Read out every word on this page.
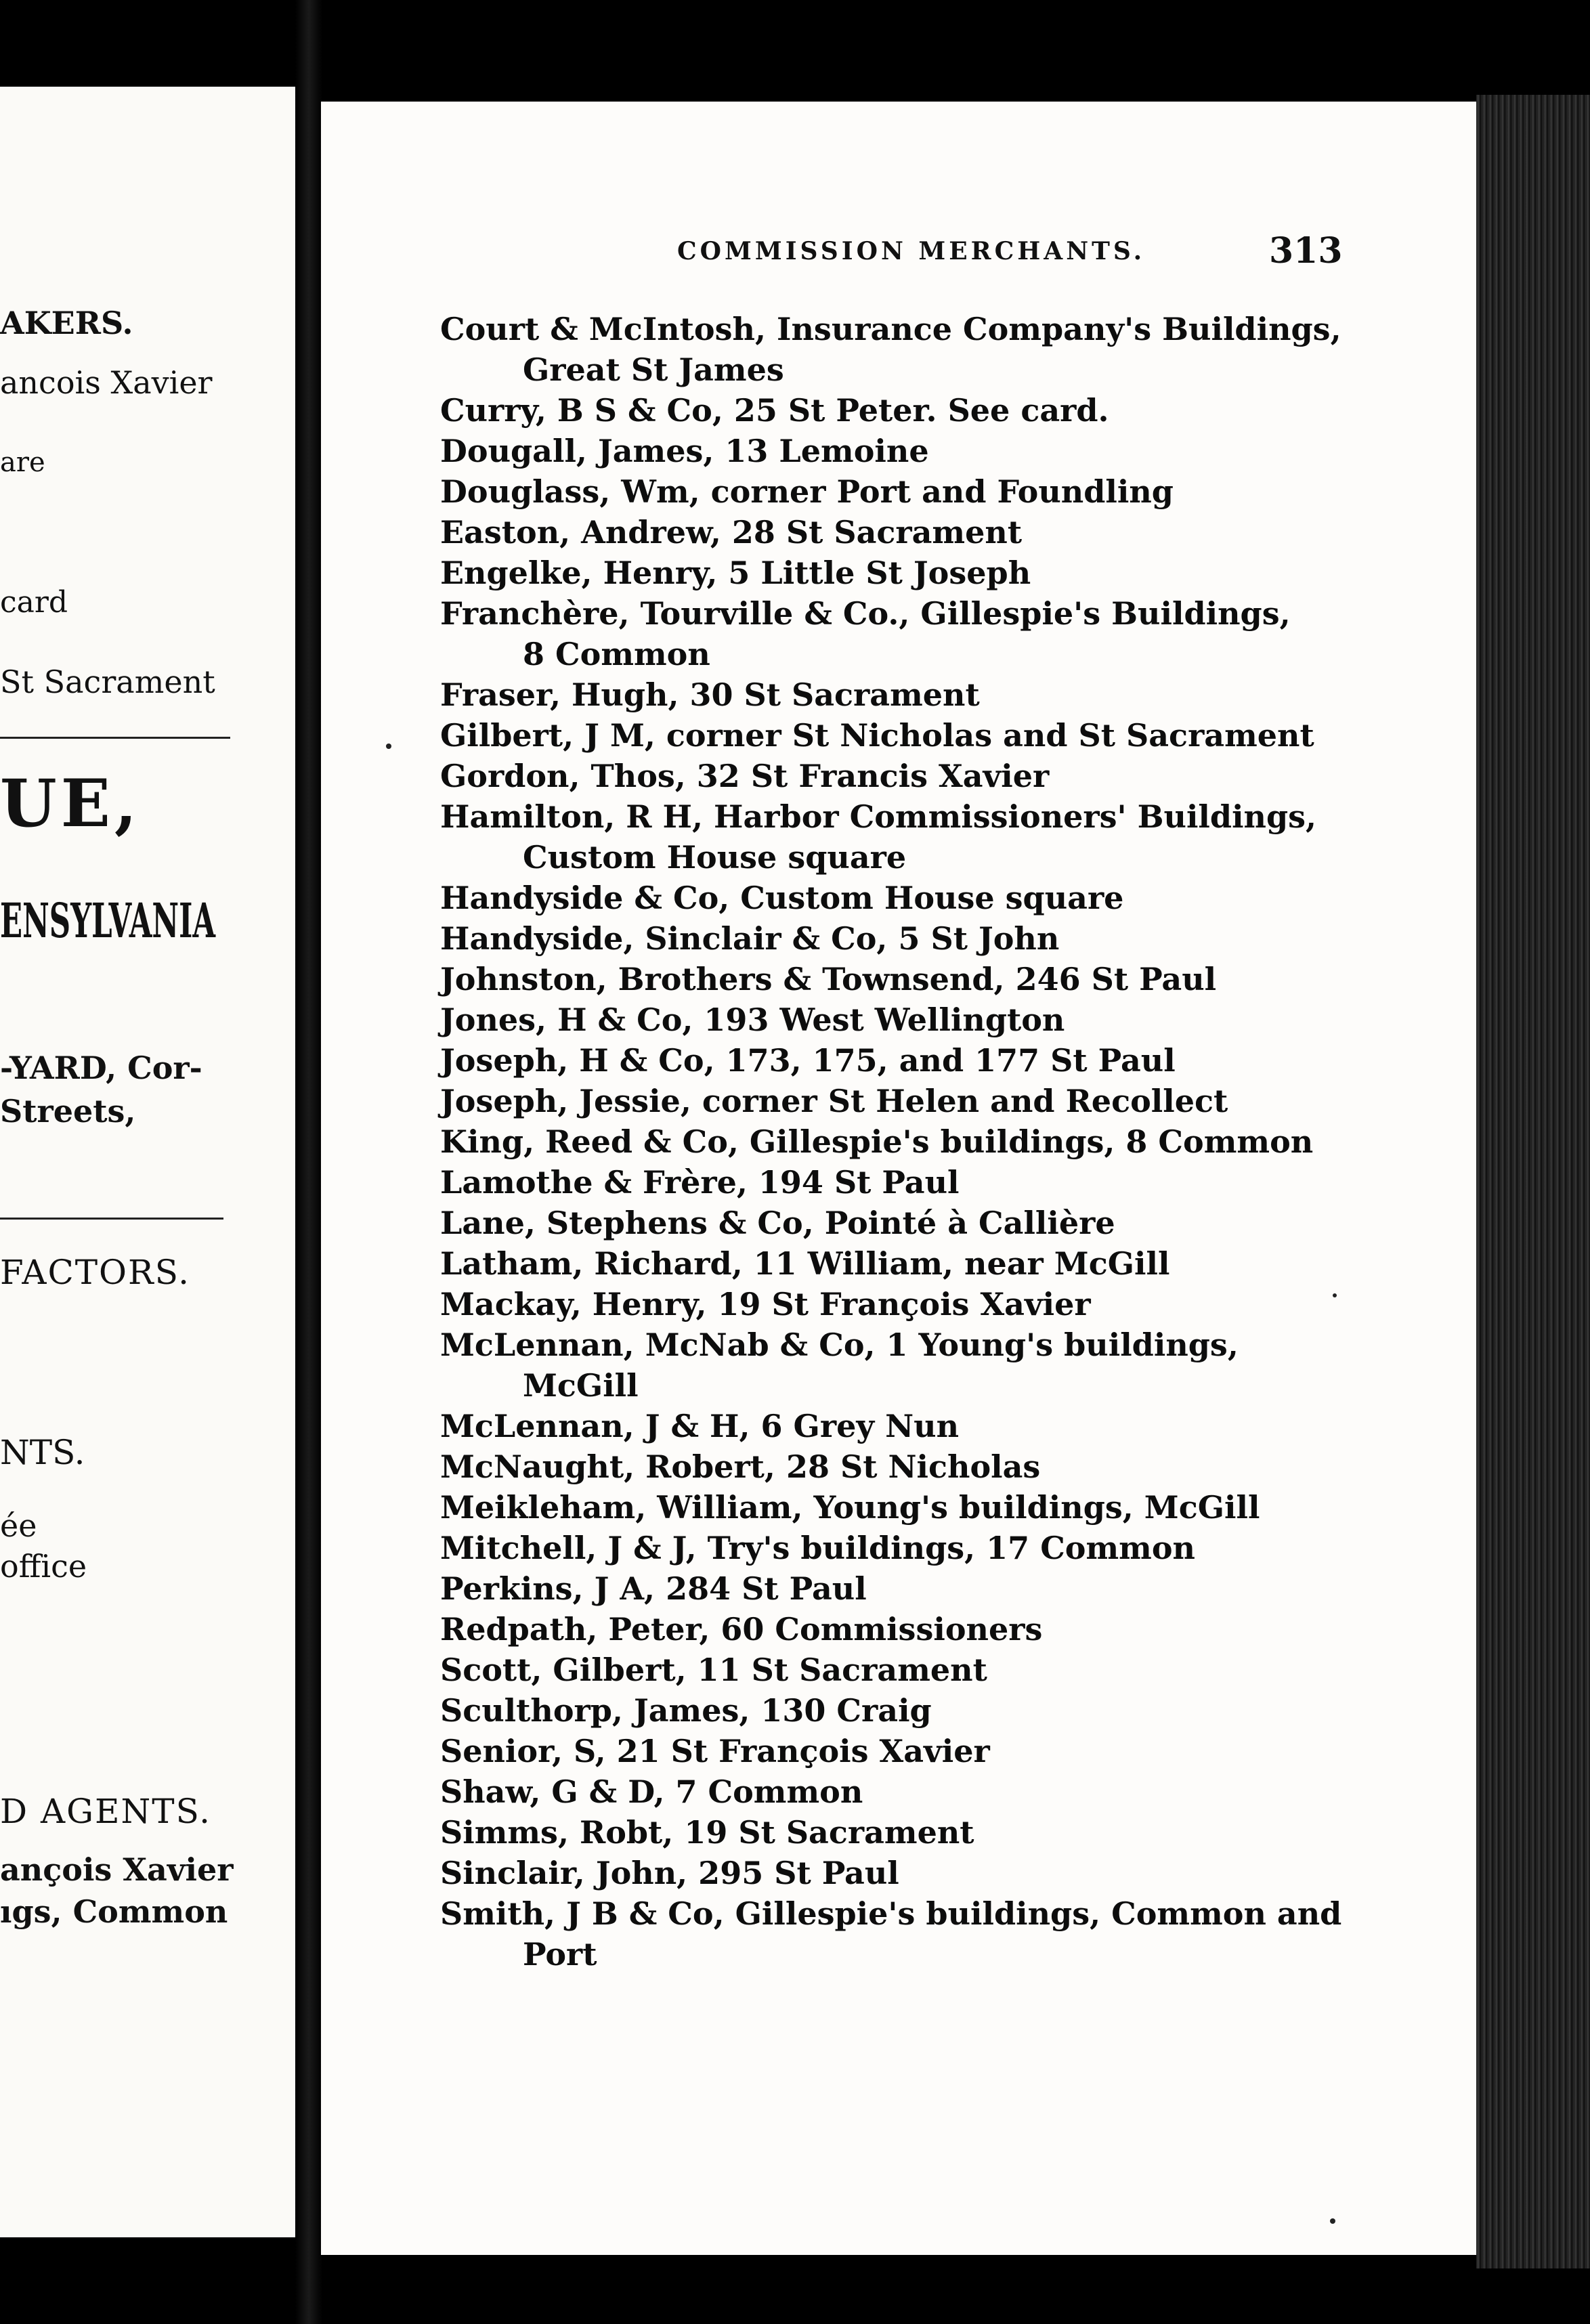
AKERS.
ancois Xavier
are
card
St Sacrament
UE,
ENSYLVANIA
-YARD, Cor-
Streets,
FACTORS.
NTS.
ée
office
D AGENTS.
ançois Xavier
ıgs, Common
COMMISSION MERCHANTS.	313
Court & McIntosh, Insurance Company's Buildings,
Great St James
Curry, B S & Co, 25 St Peter. See card.
Dougall, James, 13 Lemoine
Douglass, Wm, corner Port and Foundling
Easton, Andrew, 28 St Sacrament
Engelke, Henry, 5 Little St Joseph
Franchère, Tourville & Co., Gillespie's Buildings,
8 Common
Fraser, Hugh, 30 St Sacrament
Gilbert, J M, corner St Nicholas and St Sacrament
Gordon, Thos, 32 St Francis Xavier
Hamilton, R H, Harbor Commissioners' Buildings,
Custom House square
Handyside & Co, Custom House square
Handyside, Sinclair & Co, 5 St John
Johnston, Brothers & Townsend, 246 St Paul
Jones, H & Co, 193 West Wellington
Joseph, H & Co, 173, 175, and 177 St Paul
Joseph, Jessie, corner St Helen and Recollect
King, Reed & Co, Gillespie's buildings, 8 Common
Lamothe & Frère, 194 St Paul
Lane, Stephens & Co, Pointé à Callière
Latham, Richard, 11 William, near McGill
Mackay, Henry, 19 St François Xavier
McLennan, McNab & Co, 1 Young's buildings,
McGill
McLennan, J & H, 6 Grey Nun
McNaught, Robert, 28 St Nicholas
Meikleham, William, Young's buildings, McGill
Mitchell, J & J, Try's buildings, 17 Common
Perkins, J A, 284 St Paul
Redpath, Peter, 60 Commissioners
Scott, Gilbert, 11 St Sacrament
Sculthorp, James, 130 Craig
Senior, S, 21 St François Xavier
Shaw, G & D, 7 Common
Simms, Robt, 19 St Sacrament
Sinclair, John, 295 St Paul
Smith, J B & Co, Gillespie's buildings, Common and
Port
